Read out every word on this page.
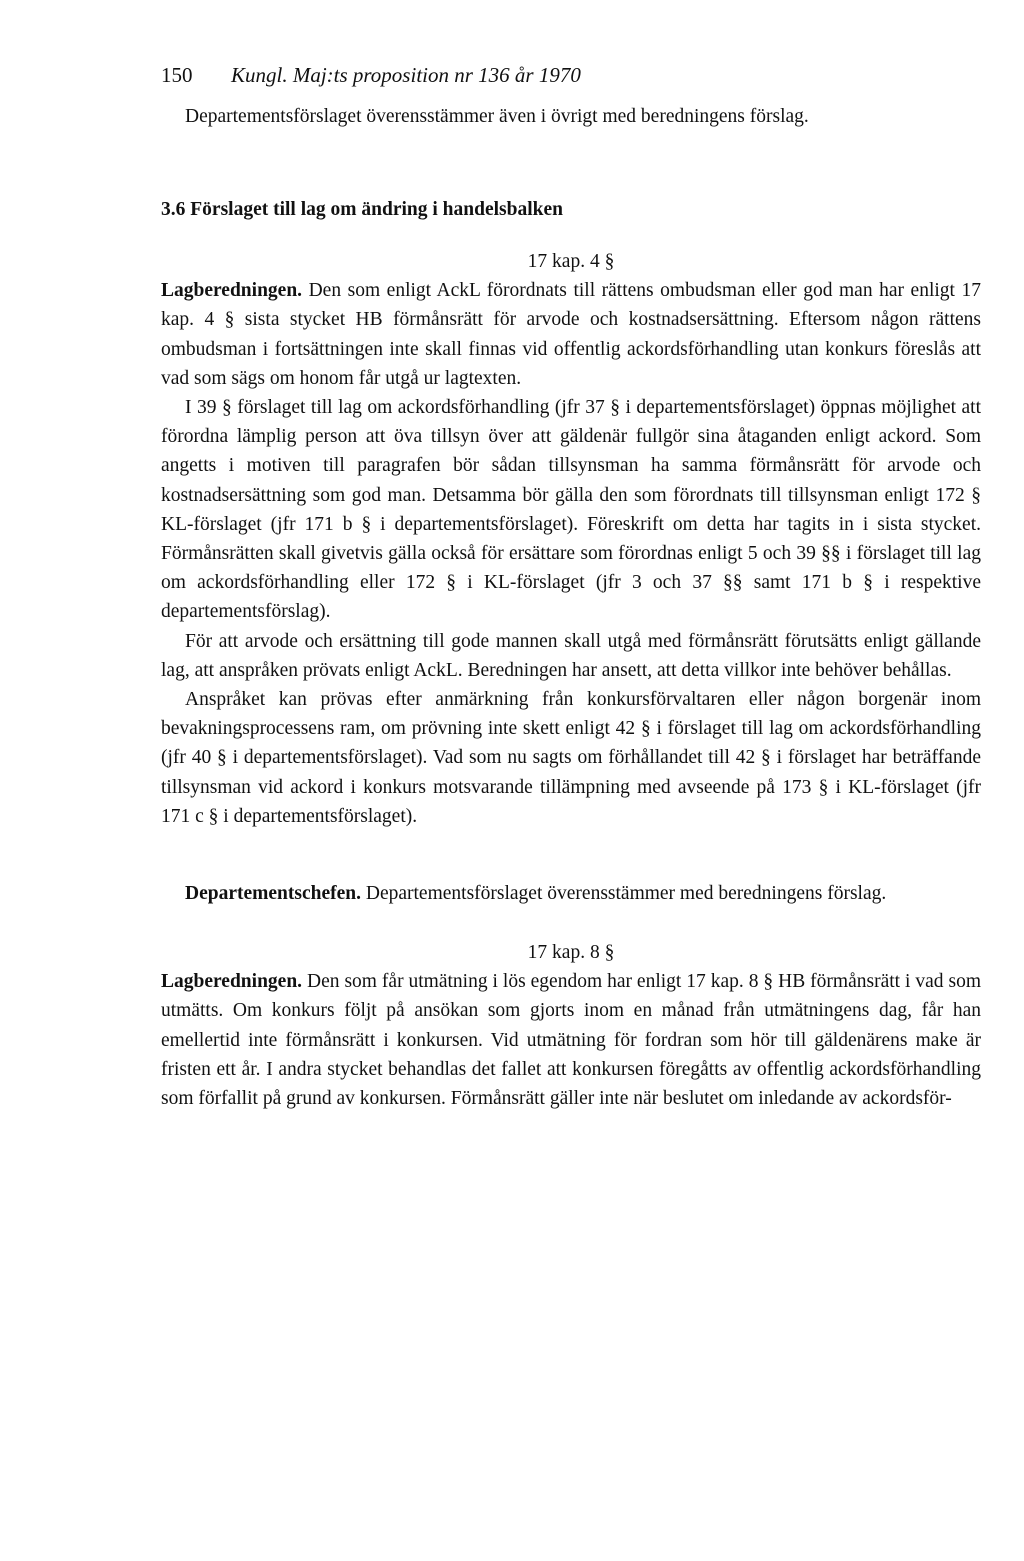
150	Kungl. Maj:ts proposition nr 136 år 1970

Departementsförslaget överensstämmer även i övrigt med beredningens förslag.

3.6 Förslaget till lag om ändring i handelsbalken
17 kap. 4 §

Lagberedningen. Den som enligt AckL förordnats till rättens ombudsman eller god man har enligt 17 kap. 4 § sista stycket HB förmånsrätt för arvode och kostnadsersättning. Eftersom någon rättens ombudsman i fortsättningen inte skall finnas vid offentlig ackordsförhandling utan konkurs föreslås att vad som sägs om honom får utgå ur lagtexten.

I 39 § förslaget till lag om ackordsförhandling (jfr 37 § i departementsförslaget) öppnas möjlighet att förordna lämplig person att öva tillsyn över att gäldenär fullgör sina åtaganden enligt ackord. Som angetts i motiven till paragrafen bör sådan tillsynsman ha samma förmånsrätt för arvode och kostnadsersättning som god man. Detsamma bör gälla den som förordnats till tillsynsman enligt 172 § KL-förslaget (jfr 171 b § i departementsförslaget). Föreskrift om detta har tagits in i sista stycket. Förmånsrätten skall givetvis gälla också för ersättare som förordnas enligt 5 och 39 §§ i förslaget till lag om ackordsförhandling eller 172 § i KL-förslaget (jfr 3 och 37 §§ samt 171 b § i respektive departementsförslag).

För att arvode och ersättning till gode mannen skall utgå med förmånsrätt förutsätts enligt gällande lag, att anspråken prövats enligt AckL. Beredningen har ansett, att detta villkor inte behöver behållas.

Anspråket kan prövas efter anmärkning från konkursförvaltaren eller någon borgenär inom bevakningsprocessens ram, om prövning inte skett enligt 42 § i förslaget till lag om ackordsförhandling (jfr 40 § i departementsförslaget). Vad som nu sagts om förhållandet till 42 § i förslaget har beträffande tillsynsman vid ackord i konkurs motsvarande tillämpning med avseende på 173 § i KL-förslaget (jfr 171 c § i departementsförslaget).

Departementschefen. Departementsförslaget överensstämmer med beredningens förslag.

17 kap. 8 §

Lagberedningen. Den som får utmätning i lös egendom har enligt 17 kap. 8 § HB förmånsrätt i vad som utmätts. Om konkurs följt på ansökan som gjorts inom en månad från utmätningens dag, får han emellertid inte förmånsrätt i konkursen. Vid utmätning för fordran som hör till gäldenärens make är fristen ett år. I andra stycket behandlas det fallet att konkursen föregåtts av offentlig ackordsförhandling som förfallit på grund av konkursen. Förmånsrätt gäller inte när beslutet om inledande av ackordsför-
